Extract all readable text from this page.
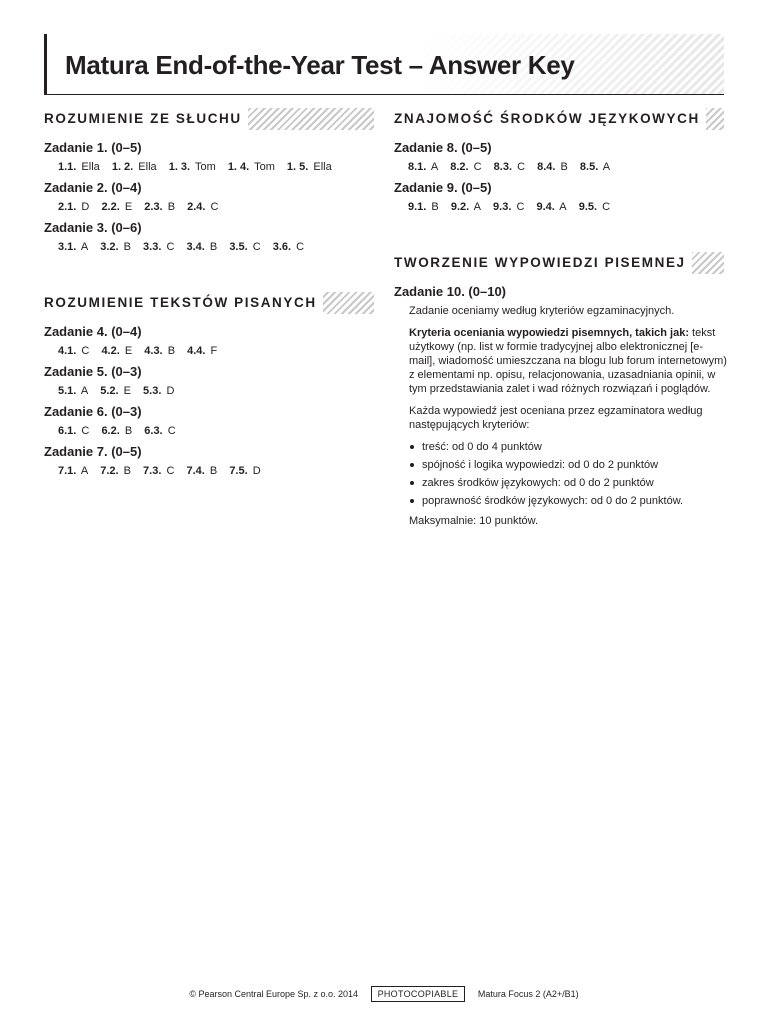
Matura End-of-the-Year Test – Answer Key
ROZUMIENIE ZE SŁUCHU

Zadanie 1. (0–5)

1.1. Ella 1. 2. Ella 1. 3. Tom 1. 4. Tom 1. 5. Ella

Zadanie 2. (0–4)

2.1. D 2.2. E 2.3. B 2.4. C

Zadanie 3. (0–6)

3.1. A 3.2. B 3.3. C 3.4. B 3.5. C 3.6. C
ROZUMIENIE TEKSTÓW PISANYCH

Zadanie 4. (0–4)

4.1. C 4.2. E 4.3. B 4.4. F

Zadanie 5. (0–3)

5.1. A 5.2. E 5.3. D

Zadanie 6. (0–3)

6.1. C 6.2. B 6.3. C

Zadanie 7. (0–5)

7.1. A 7.2. B 7.3. C 7.4. B 7.5. D
ZNAJOMOŚĆ ŚRODKÓW JĘZYKOWYCH

Zadanie 8. (0–5)

8.1. A 8.2. C 8.3. C 8.4. B 8.5. A

Zadanie 9. (0–5)

9.1. B 9.2. A 9.3. C 9.4. A 9.5. C
TWORZENIE WYPOWIEDZI PISEMNEJ

Zadanie 10. (0–10)

Zadanie oceniamy według kryteriów egzaminacyjnych.

Kryteria oceniania wypowiedzi pisemnych, takich jak: tekst użytkowy (np. list w formie tradycyjnej albo elektronicznej [e-mail], wiadomość umieszczana na blogu lub forum internetowym) z elementami np. opisu, relacjonowania, uzasadniania opinii, w tym przedstawiania zalet i wad różnych rozwiązań i poglądów.

Każda wypowiedź jest oceniana przez egzaminatora według następujących kryteriów:

treść: od 0 do 4 punktów
spójność i logika wypowiedzi: od 0 do 2 punktów
zakres środków językowych: od 0 do 2 punktów
poprawność środków językowych: od 0 do 2 punktów.

Maksymalnie: 10 punktów.

© Pearson Central Europe Sp. z o.o. 2014 PHOTOCOPIABLE Matura Focus 2 (A2+/B1)
